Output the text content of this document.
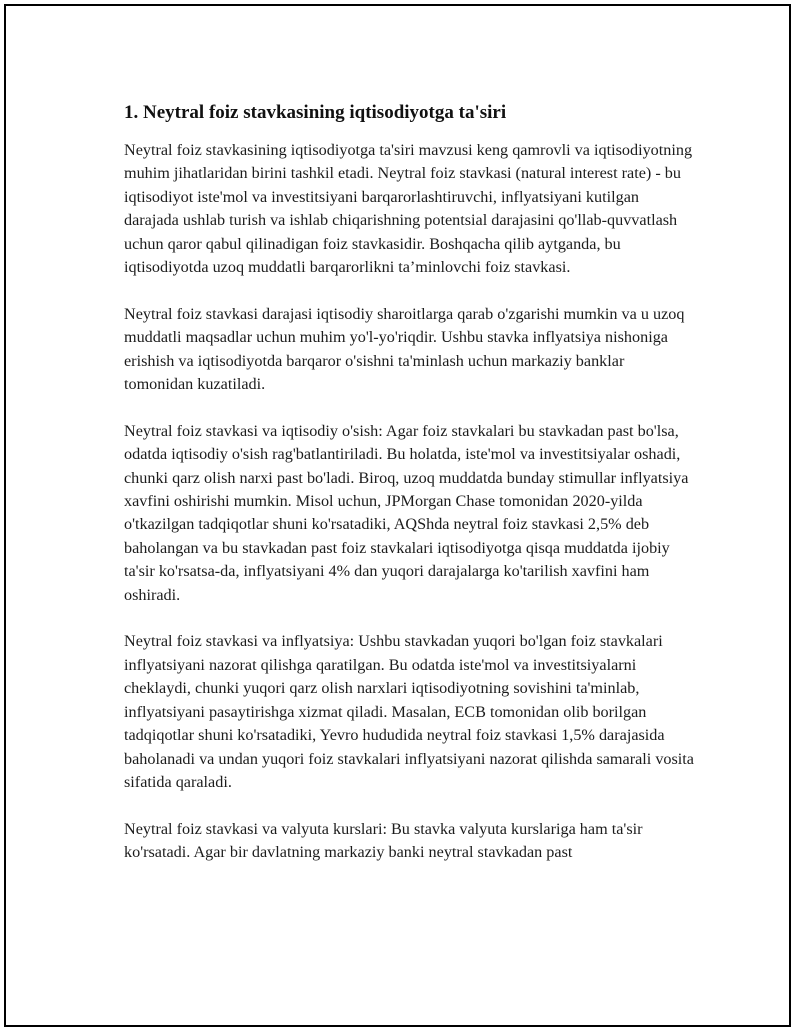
1. Neytral foiz stavkasining iqtisodiyotga ta'siri

Neytral foiz stavkasining iqtisodiyotga ta'siri mavzusi keng qamrovli va iqtisodiyotning muhim jihatlaridan birini tashkil etadi. Neytral foiz stavkasi (natural interest rate) - bu iqtisodiyot iste'mol va investitsiyani barqarorlashtiruvchi, inflyatsiyani kutilgan darajada ushlab turish va ishlab chiqarishning potentsial darajasini qo'llab-quvvatlash uchun qaror qabul qilinadigan foiz stavkasidir. Boshqacha qilib aytganda, bu iqtisodiyotda uzoq muddatli barqarorlikni ta’minlovchi foiz stavkasi.

Neytral foiz stavkasi darajasi iqtisodiy sharoitlarga qarab o'zgarishi mumkin va u uzoq muddatli maqsadlar uchun muhim yo'l-yo'riqdir. Ushbu stavka inflyatsiya nishoniga erishish va iqtisodiyotda barqaror o'sishni ta'minlash uchun markaziy banklar tomonidan kuzatiladi.

Neytral foiz stavkasi va iqtisodiy o'sish: Agar foiz stavkalari bu stavkadan past bo'lsa, odatda iqtisodiy o'sish rag'batlantiriladi. Bu holatda, iste'mol va investitsiyalar oshadi, chunki qarz olish narxi past bo'ladi. Biroq, uzoq muddatda bunday stimullar inflyatsiya xavfini oshirishi mumkin. Misol uchun, JPMorgan Chase tomonidan 2020-yilda o'tkazilgan tadqiqotlar shuni ko'rsatadiki, AQShda neytral foiz stavkasi 2,5% deb baholangan va bu stavkadan past foiz stavkalari iqtisodiyotga qisqa muddatda ijobiy ta'sir ko'rsatsa-da, inflyatsiyani 4% dan yuqori darajalarga ko'tarilish xavfini ham oshiradi.

Neytral foiz stavkasi va inflyatsiya: Ushbu stavkadan yuqori bo'lgan foiz stavkalari inflyatsiyani nazorat qilishga qaratilgan. Bu odatda iste'mol va investitsiyalarni cheklaydi, chunki yuqori qarz olish narxlari iqtisodiyotning sovishini ta'minlab, inflyatsiyani pasaytirishga xizmat qiladi. Masalan, ECB tomonidan olib borilgan tadqiqotlar shuni ko'rsatadiki, Yevro hududida neytral foiz stavkasi 1,5% darajasida baholanadi va undan yuqori foiz stavkalari inflyatsiyani nazorat qilishda samarali vosita sifatida qaraladi.

Neytral foiz stavkasi va valyuta kurslari: Bu stavka valyuta kurslariga ham ta'sir ko'rsatadi. Agar bir davlatning markaziy banki neytral stavkadan past
